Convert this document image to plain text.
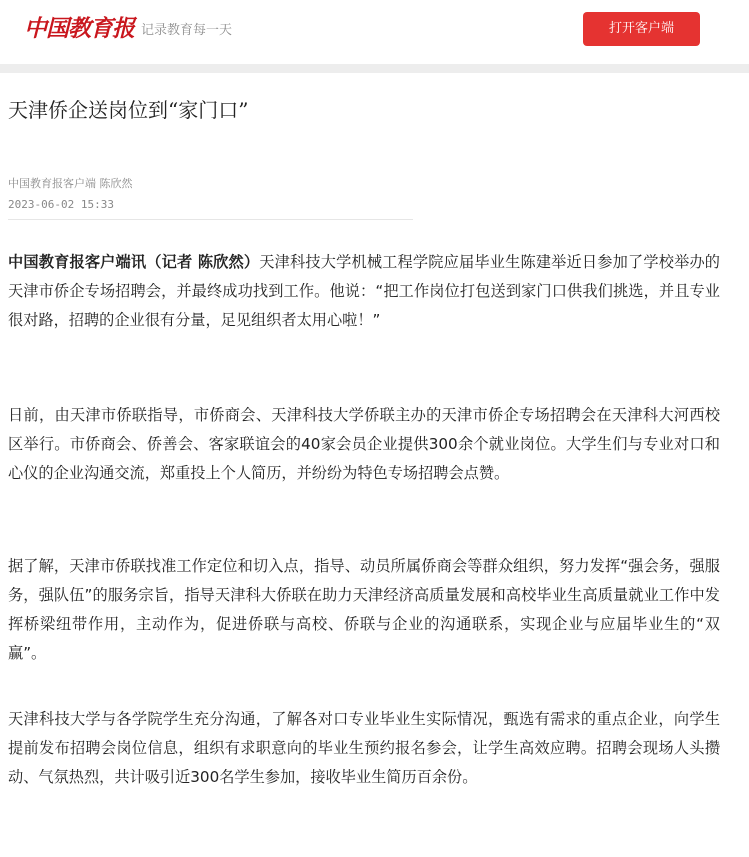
中国教育报 记录教育每一天	打开客户端
天津侨企送岗位到“家门口”
中国教育报客户端 陈欣然
2023-06-02 15:33

中国教育报客户端讯（记者 陈欣然）天津科技大学机械工程学院应届毕业生陈建举近日参加了学校举办的天津市侨企专场招聘会，并最终成功找到工作。他说：“把工作岗位打包送到家门口供我们挑选，并且专业很对路，招聘的企业很有分量，足见组织者太用心啦！”

日前，由天津市侨联指导，市侨商会、天津科技大学侨联主办的天津市侨企专场招聘会在天津科大河西校区举行。市侨商会、侨善会、客家联谊会的40家会员企业提供300余个就业岗位。大学生们与专业对口和心仪的企业沟通交流，郑重投上个人简历，并纷纷为特色专场招聘会点赞。

据了解，天津市侨联找准工作定位和切入点，指导、动员所属侨商会等群众组织，努力发挥“强会务，强服务，强队伍”的服务宗旨，指导天津科大侨联在助力天津经济高质量发展和高校毕业生高质量就业工作中发挥桥梁纽带作用，主动作为，促进侨联与高校、侨联与企业的沟通联系，实现企业与应届毕业生的“双赢”。

天津科技大学与各学院学生充分沟通，了解各对口专业毕业生实际情况，甄选有需求的重点企业，向学生提前发布招聘会岗位信息，组织有求职意向的毕业生预约报名参会，让学生高效应聘。招聘会现场人头攒动、气氛热烈，共计吸引近300名学生参加，接收毕业生简历百余份。
